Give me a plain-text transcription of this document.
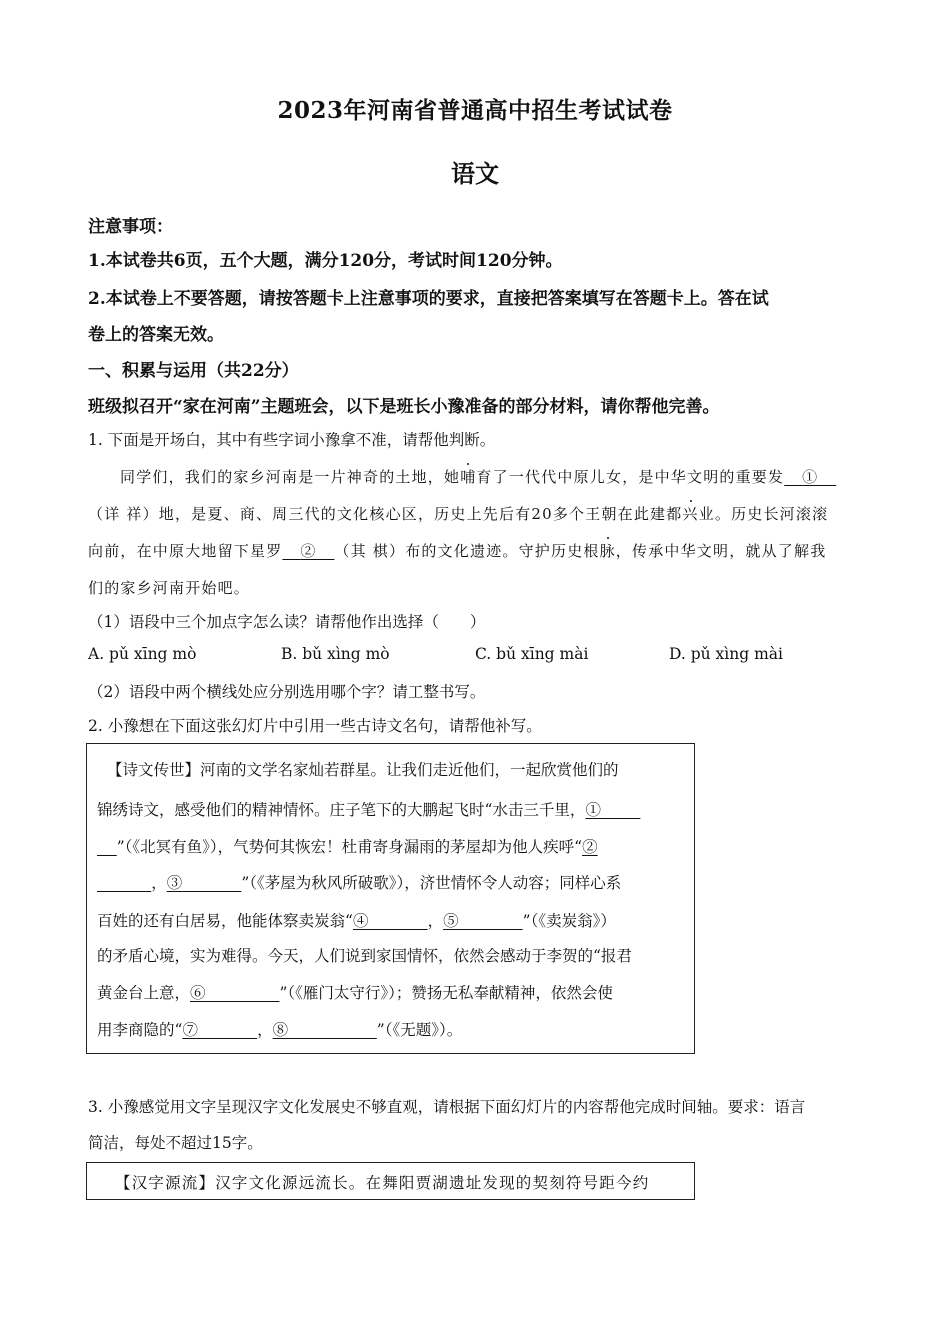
2023年河南省普通高中招生考试试卷
语文
注意事项：
1.本试卷共6页，五个大题，满分120分，考试时间120分钟。
2.本试卷上不要答题，请按答题卡上注意事项的要求，直接把答案填写在答题卡上。答在试
卷上的答案无效。
一、积累与运用（共22分）
班级拟召开“家在河南”主题班会，以下是班长小豫准备的部分材料，请你帮他完善。
1. 下面是开场白，其中有些字词小豫拿不准，请帮他判断。
同学们，我们的家乡河南是一片神奇的土地，她哺育了一代代中原儿女，是中华文明的重要发 ①
（详 祥）地，是夏、商、周三代的文化核心区，历史上先后有20多个王朝在此建都兴业。历史长河滚滚
向前，在中原大地留下星罗 ② （其 棋）布的文化遗迹。守护历史根脉，传承中华文明，就从了解我
们的家乡河南开始吧。
（1）语段中三个加点字怎么读？请帮他作出选择（　　）
A. pǔ xīng mò	B. bǔ xìng mò	C. bǔ xīng mài	D. pǔ xìng mài
（2）语段中两个横线处应分别选用哪个字？请工整书写。
2. 小豫想在下面这张幻灯片中引用一些古诗文名句，请帮他补写。
【诗文传世】河南的文学名家灿若群星。让我们走近他们，一起欣赏他们的
锦绣诗文，感受他们的精神情怀。庄子笔下的大鹏起飞时“水击三千里，①
”（《北冥有鱼》），气势何其恢宏！杜甫寄身漏雨的茅屋却为他人疾呼“②
，③	”（《茅屋为秋风所破歌》），济世情怀令人动容；同样心系
百姓的还有白居易，他能体察卖炭翁“④	，⑤	”（《卖炭翁》）
的矛盾心境，实为难得。今天，人们说到家国情怀，依然会感动于李贺的“报君
黄金台上意，⑥	”（《雁门太守行》）；赞扬无私奉献精神，依然会使
用李商隐的“⑦	，⑧	”（《无题》）。
3. 小豫感觉用文字呈现汉字文化发展史不够直观，请根据下面幻灯片的内容帮他完成时间轴。要求：语言
简洁，每处不超过15字。
【汉字源流】汉字文化源远流长。在舞阳贾湖遗址发现的契刻符号距今约
